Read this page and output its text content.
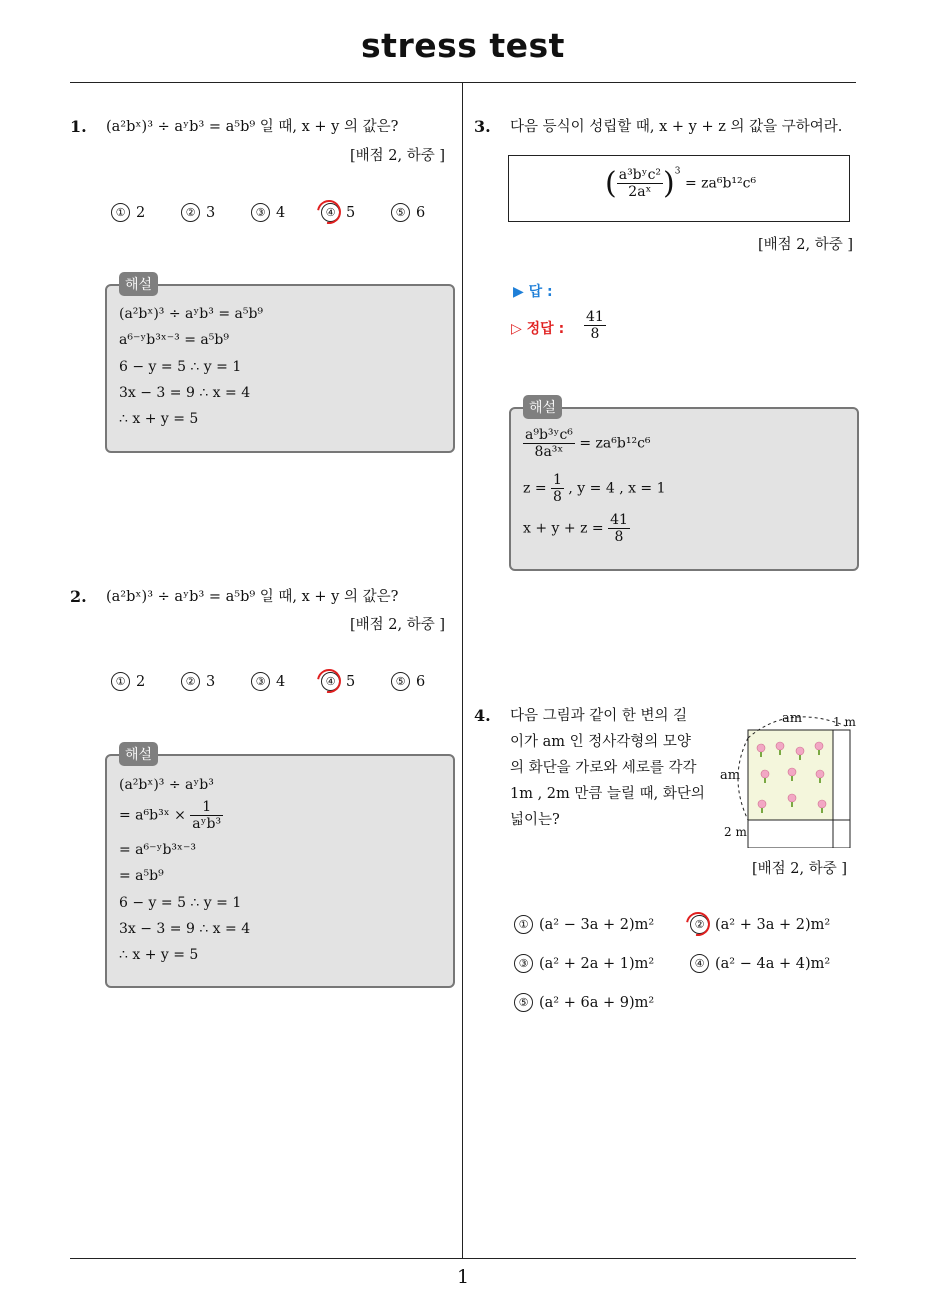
stress test
1
1. (a²bˣ)³ ÷ aʸb³ = a⁵b⁹ 일 때, x + y 의 값은?
[배점 2, 하중 ]
① 2	② 3	③ 4	④ 5	⑤ 6
(a²bˣ)³ ÷ aʸb³ = a⁵b⁹
a⁶⁻ʸb³ˣ⁻³ = a⁵b⁹
6 − y = 5 ∴ y = 1
3x − 3 = 9 ∴ x = 4
∴ x + y = 5
해설
2. (a²bˣ)³ ÷ aʸb³ = a⁵b⁹ 일 때, x + y 의 값은?
[배점 2, 하중 ]
① 2	② 3	③ 4	④ 5	⑤ 6
(a²bˣ)³ ÷ aʸb³
= a⁶b³ˣ × $\frac{1}{\text{aʸb³}}$
= a⁶⁻ʸb³ˣ⁻³
= a⁵b⁹
6 − y = 5 ∴ y = 1
3x − 3 = 9 ∴ x = 4
∴ x + y = 5
해설
3. 다음 등식이 성립할 때, x + y + z 의 값을 구하여라.
( $\frac{\text{a³bʸc²}}{\text{2aˣ}} )^3 = za^6b^{12}c^6$
[배점 2, 하중 ]
▶ 답 :
▷ 정답 : $\frac{41}{8}$
$\frac{\text{a⁹b³ʸc⁶}}{\text{8a³ˣ}} = za^6b^{12}c^6$
$z = \frac{1}{8}$ , y = 4 , x = 1
$x + y + z = \frac{41}{8}$
해설
4. 다음 그림과 같이 한 변의 길
이가 am 인 정사각형의 모양
의 화단을 가로와 세로를 각각
1m , 2m 만큼 늘릴 때, 화단의
넓이는?
am	1 m
am
2 m
[배점 2, 하중 ]
① (a² − 3a + 2)m²	② (a² + 3a + 2)m²
③ (a² + 2a + 1)m²	④ (a² − 4a + 4)m²
⑤ (a² + 6a + 9)m²
